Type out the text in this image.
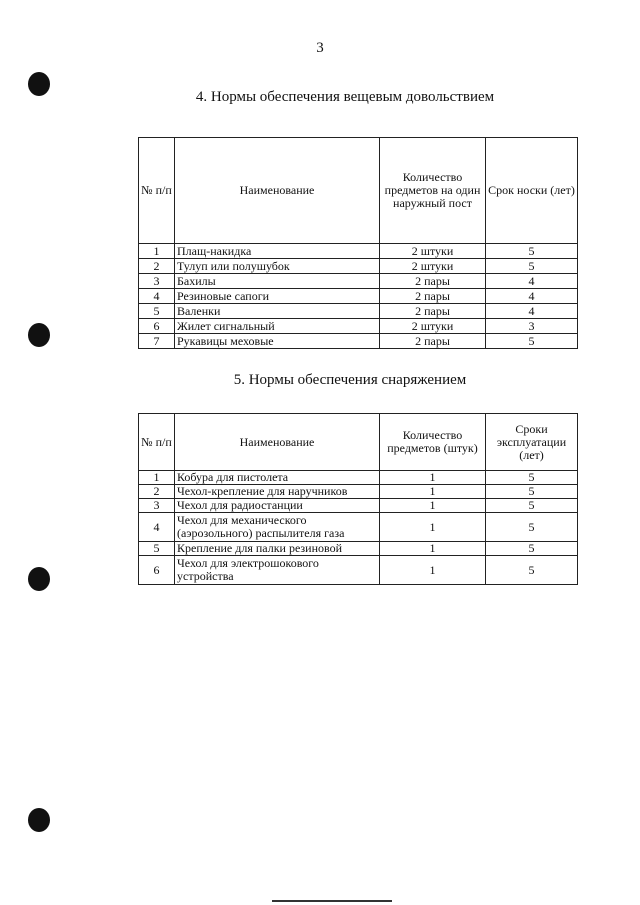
3
4. Нормы обеспечения вещевым довольствием
№ п/п	Наименование	Количество предметов на один наружный пост	Срок носки (лет)
1	Плащ-накидка	2 штуки	5
2	Тулуп или полушубок	2 штуки	5
3	Бахилы	2 пары	4
4	Резиновые сапоги	2 пары	4
5	Валенки	2 пары	4
6	Жилет сигнальный	2 штуки	3
7	Рукавицы меховые	2 пары	5
5. Нормы обеспечения снаряжением
№ п/п	Наименование	Количество предметов (штук)	Сроки эксплуатации (лет)
1	Кобура для пистолета	1	5
2	Чехол-крепление для наручников	1	5
3	Чехол для радиостанции	1	5
4	Чехол для механического (аэрозольного) распылителя газа	1	5
5	Крепление для палки резиновой	1	5
6	Чехол для электрошокового устройства	1	5
